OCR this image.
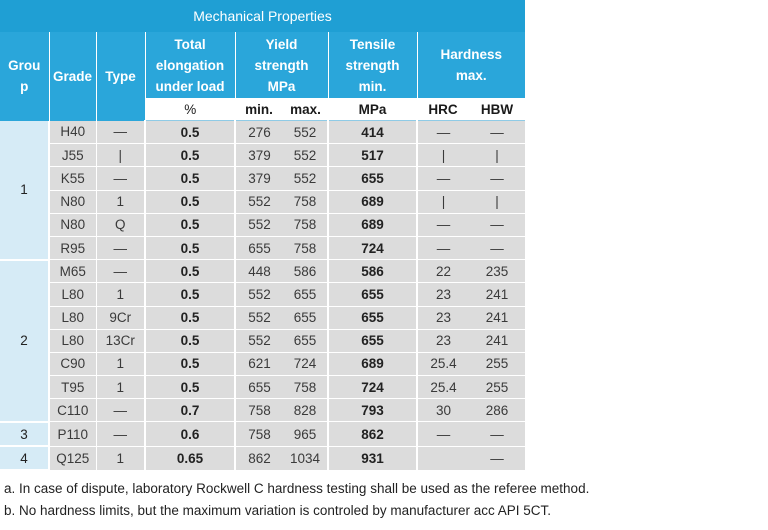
Mechanical Properties								
Grou p	Grade	Type	Total elongation under load	Yield strength MPa		Tensile strength min.	Hardness max.	
			%	min.	max.	MPa	HRC	HBW
1	H40	—	0.5	276	552	414	—	—
	J55	|	0.5	379	552	517	|	|
	K55	—	0.5	379	552	655	—	—
	N80	1	0.5	552	758	689	|	|
	N80	Q	0.5	552	758	689	—	—
	R95	—	0.5	655	758	724	—	—
2	M65	—	0.5	448	586	586	22	235
	L80	1	0.5	552	655	655	23	241
	L80	9Cr	0.5	552	655	655	23	241
	L80	13Cr	0.5	552	655	655	23	241
	C90	1	0.5	621	724	689	25.4	255
	T95	1	0.5	655	758	724	25.4	255
	C110	—	0.7	758	828	793	30	286
3	P110	—	0.6	758	965	862	—	—
4	Q125	1	0.65	862	1034	931		—

a. In case of dispute, laboratory Rockwell C hardness testing shall be used as the referee method.

b. No hardness limits, but the maximum variation is controled by manufacturer acc API 5CT.
